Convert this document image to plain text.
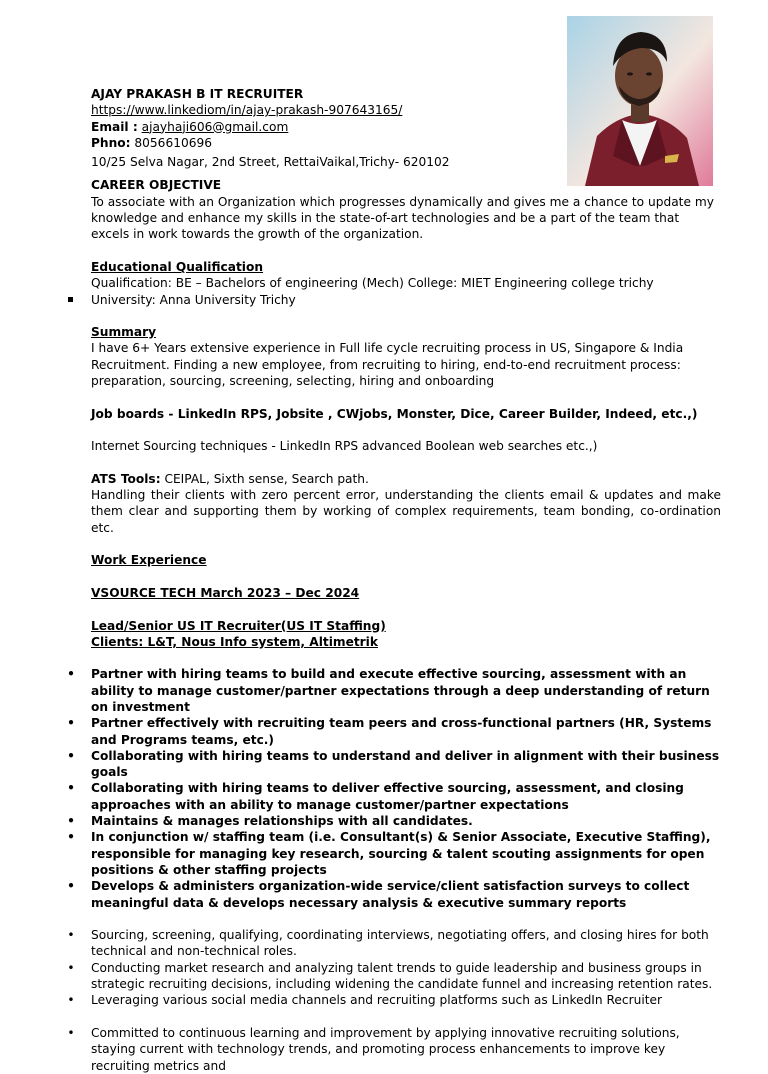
AJAY PRAKASH B IT RECRUITER
https://www.linkediom/in/ajay-prakash-907643165/
Email : ajayhaji606@gmail.com
Phno: 8056610696
10/25 Selva Nagar, 2nd Street, RettaiVaikal,Trichy- 620102
CAREER OBJECTIVE
To associate with an Organization which progresses dynamically and gives me a chance to update my knowledge and enhance my skills in the state-of-art technologies and be a part of the team that excels in work towards the growth of the organization.
Educational Qualification
Qualification: BE – Bachelors of engineering (Mech) College: MIET Engineering college trichy
University: Anna University Trichy
Summary
I have 6+ Years extensive experience in Full life cycle recruiting process in US, Singapore & India Recruitment. Finding a new employee, from recruiting to hiring, end-to-end recruitment process: preparation, sourcing, screening, selecting, hiring and onboarding
Job boards - LinkedIn RPS, Jobsite , CWjobs, Monster, Dice, Career Builder, Indeed, etc.,)
Internet Sourcing techniques - LinkedIn RPS advanced Boolean web searches etc.,)
ATS Tools: CEIPAL, Sixth sense, Search path.
Handling their clients with zero percent error, understanding the clients email & updates and make them clear and supporting them by working of complex requirements, team bonding, co-ordination etc.
Work Experience
VSOURCE TECH March 2023 – Dec 2024
Lead/Senior US IT Recruiter(US IT Staffing)
Clients: L&T, Nous Info system, Altimetrik
• Partner with hiring teams to build and execute effective sourcing, assessment with an ability to manage customer/partner expectations through a deep understanding of return on investment
• Partner effectively with recruiting team peers and cross-functional partners (HR, Systems and Programs teams, etc.)
• Collaborating with hiring teams to understand and deliver in alignment with their business goals
• Collaborating with hiring teams to deliver effective sourcing, assessment, and closing approaches with an ability to manage customer/partner expectations
• Maintains & manages relationships with all candidates.
• In conjunction w/ staffing team (i.e. Consultant(s) & Senior Associate, Executive Staffing), responsible for managing key research, sourcing & talent scouting assignments for open positions & other staffing projects
• Develops & administers organization-wide service/client satisfaction surveys to collect meaningful data & develops necessary analysis & executive summary reports
• Sourcing, screening, qualifying, coordinating interviews, negotiating offers, and closing hires for both technical and non-technical roles.
• Conducting market research and analyzing talent trends to guide leadership and business groups in strategic recruiting decisions, including widening the candidate funnel and increasing retention rates.
• Leveraging various social media channels and recruiting platforms such as LinkedIn Recruiter
• Committed to continuous learning and improvement by applying innovative recruiting solutions, staying current with technology trends, and promoting process enhancements to improve key recruiting metrics and
